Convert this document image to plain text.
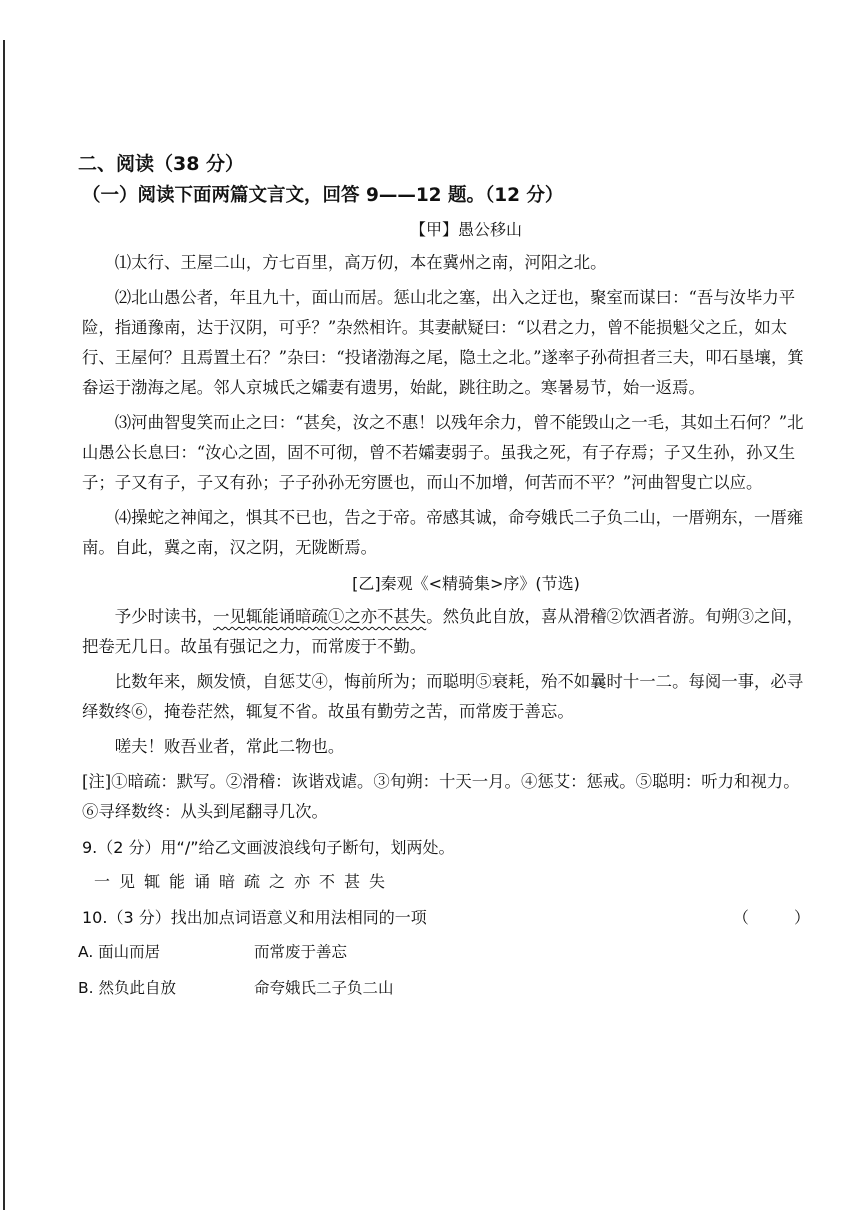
二、阅读（38 分）
（一）阅读下面两篇文言文，回答 9——12 题。（12 分）
【甲】愚公移山

⑴太行、王屋二山，方七百里，高万仞，本在冀州之南，河阳之北。

⑵北山愚公者，年且九十，面山而居。惩山北之塞，出入之迂也，聚室而谋曰：“吾与汝毕力平险，指通豫南，达于汉阴，可乎？”杂然相许。其妻献疑曰：“以君之力，曾不能损魁父之丘，如太行、王屋何？且焉置土石？”杂曰：“投诸渤海之尾，隐土之北。”遂率子孙荷担者三夫，叩石垦壤，箕畚运于渤海之尾。邻人京城氏之孀妻有遗男，始龀，跳往助之。寒暑易节，始一返焉。

⑶河曲智叟笑而止之曰：“甚矣，汝之不惠！以残年余力，曾不能毁山之一毛，其如土石何？”北山愚公长息曰：“汝心之固，固不可彻，曾不若孀妻弱子。虽我之死，有子存焉；子又生孙，孙又生子；子又有子，子又有孙；子子孙孙无穷匮也，而山不加增，何苦而不平？”河曲智叟亡以应。

⑷操蛇之神闻之，惧其不已也，告之于帝。帝感其诚，命夸娥氏二子负二山，一厝朔东，一厝雍南。自此，冀之南，汉之阴，无陇断焉。

[乙]秦观《<精骑集>序》(节选)

予少时读书，一见辄能诵暗疏①之亦不甚失。然负此自放，喜从滑稽②饮酒者游。旬朔③之间，把卷无几日。故虽有强记之力，而常废于不勤。

比数年来，颇发愤，自惩艾④，悔前所为；而聪明⑤衰耗，殆不如曩时十一二。每阅一事，必寻绎数终⑥，掩卷茫然，辄复不省。故虽有勤劳之苦，而常废于善忘。

嗟夫！败吾业者，常此二物也。

[注]①暗疏：默写。②滑稽：诙谐戏谑。③旬朔：十天一月。④惩艾：惩戒。⑤聪明：听力和视力。⑥寻绎数终：从头到尾翻寻几次。

9.（2 分）用“/”给乙文画波浪线句子断句，划两处。
一见辄能诵暗疏之亦不甚失
10.（3 分）找出加点词语意义和用法相同的一项	（ ）
A. 面山而居	而常废于善忘
B. 然负此自放	命夸娥氏二子负二山
